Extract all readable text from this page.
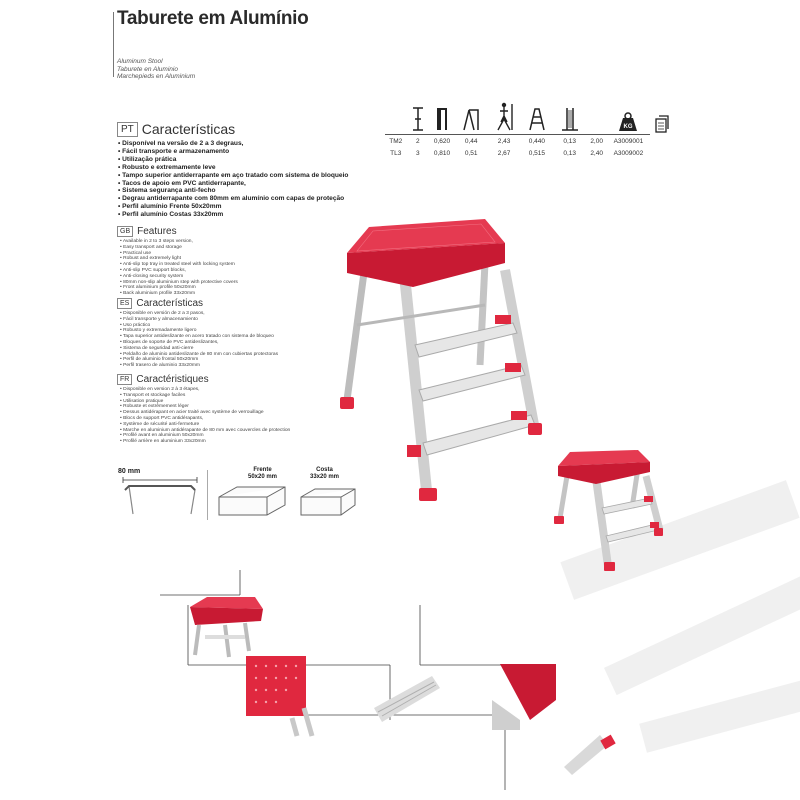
Taburete em Alumínio
Aluminum Stool
Taburete en Aluminio
Marchepieds en Aluminium

KG

TM2	2	0,620	0,44	2,43	0,440	0,13	2,00	A3009001	
TL3	3	0,810	0,51	2,67	0,515	0,13	2,40	A3009002	
PT Características
• Disponível na versão de 2 a 3 degraus,
• Fácil transporte e armazenamento
• Utilização prática
• Robusto e extremamente leve
• Tampo superior antiderrapante em aço tratado com sistema de bloqueio
• Tacos de apoio em PVC antiderrapante,
• Sistema segurança anti-fecho
• Degrau antiderrapante com 80mm em alumínio com capas de proteção
• Perfil alumínio Frente 50x20mm
• Perfil alumínio Costas 33x20mm
GB Features
• Available in 2 to 3 steps version,
• Easy transport and storage
• Practical use
• Robust and extremely light
• Anti-slip top tray in treated steel with locking system
• Anti-slip PVC support blocks,
• Anti-closing security system
• 80mm non-slip aluminium step with protective covers
• Front aluminium profile 50x20mm
• Back aluminium profile 33x20mm
ES Características
• Disponible en versión de 2 a 3 pasos,
• Fácil transporte y almacenamiento
• Uso práctico
• Robusto y extremadamente ligero
• Tapa superior antideslizante en acero tratado con sistema de bloqueo
• Bloques de soporte de PVC antideslizantes,
• Sistema de seguridad anti-cierre
• Peldaño de aluminio antideslizante de 80 mm con cubiertas protectoras
• Perfil de aluminio frontal 50x20mm
• Perfil trasero de aluminio 33x20mm
FR Caractéristiques
• Disponible en version 2 à 3 étapes,
• Transport et stockage faciles
• Utilisation pratique
• Robuste et extrêmement léger
• Dessus antidérapant en acier traité avec système de verrouillage
• Blocs de support PVC antidérapants,
• Système de sécurité anti-fermeture
• Marche en aluminium antidérapante de 80 mm avec couvercles de protection
• Profilé avant en aluminium 50x20mm
• Profilé arrière en aluminium 33x20mm
80 mm	Frente
50x20 mm
Costa
33x20 mm
